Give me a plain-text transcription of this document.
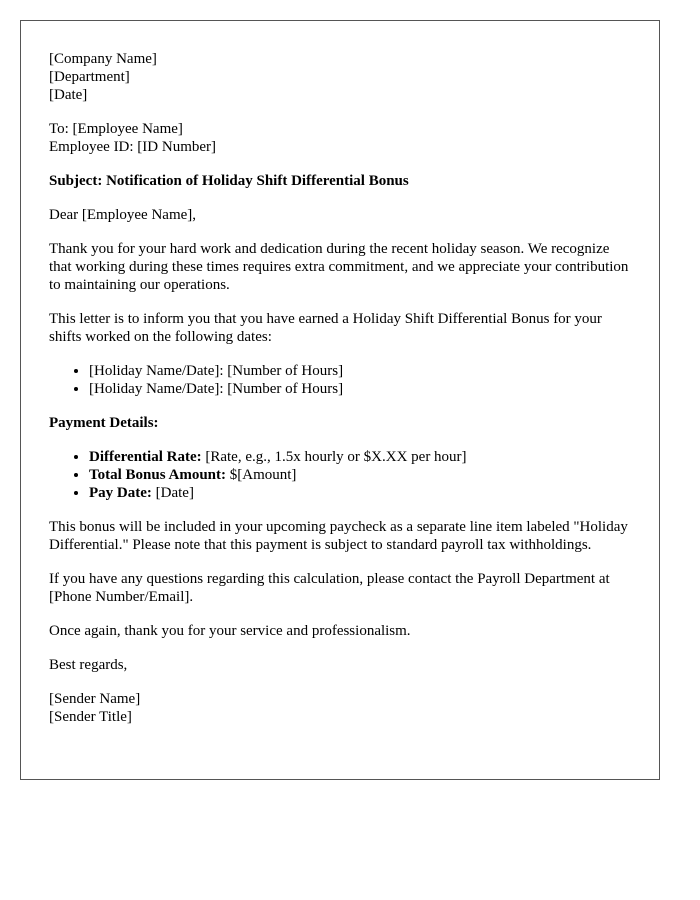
[Company Name]
[Department]
[Date]
To: [Employee Name]
Employee ID: [ID Number]
Subject: Notification of Holiday Shift Differential Bonus
Dear [Employee Name],
Thank you for your hard work and dedication during the recent holiday season. We recognize that working during these times requires extra commitment, and we appreciate your contribution to maintaining our operations.
This letter is to inform you that you have earned a Holiday Shift Differential Bonus for your shifts worked on the following dates:
• [Holiday Name/Date]: [Number of Hours]
• [Holiday Name/Date]: [Number of Hours]
Payment Details:
• Differential Rate: [Rate, e.g., 1.5x hourly or $X.XX per hour]
• Total Bonus Amount: $[Amount]
• Pay Date: [Date]
This bonus will be included in your upcoming paycheck as a separate line item labeled "Holiday Differential." Please note that this payment is subject to standard payroll tax withholdings.
If you have any questions regarding this calculation, please contact the Payroll Department at [Phone Number/Email].
Once again, thank you for your service and professionalism.
Best regards,
[Sender Name]
[Sender Title]
